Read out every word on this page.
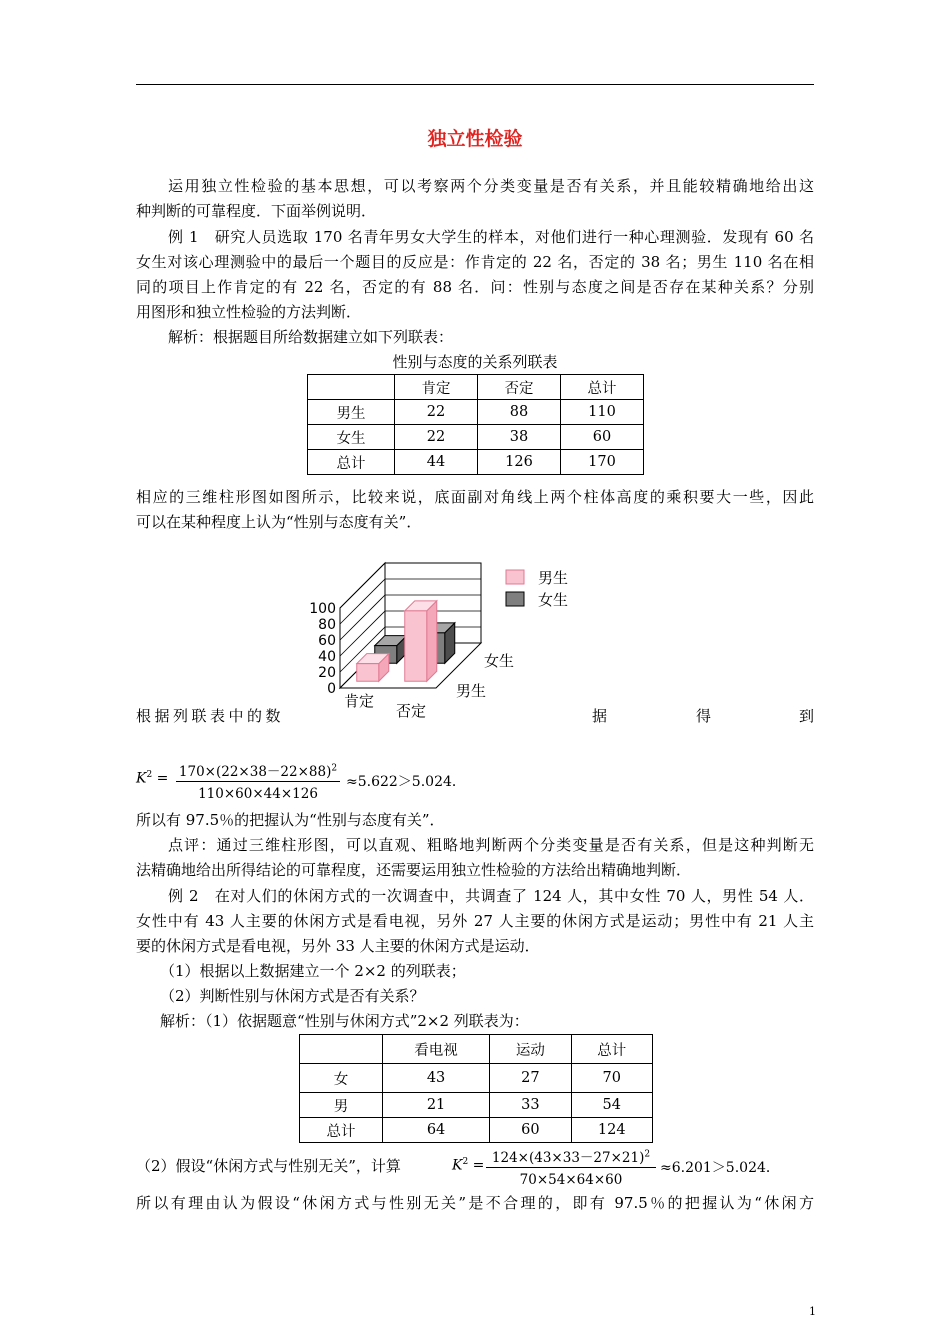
独立性检验
运用独立性检验的基本思想，可以考察两个分类变量是否有关系，并且能较精确地给出这
种判断的可靠程度．下面举例说明．
例 1　研究人员选取 170 名青年男女大学生的样本，对他们进行一种心理测验．发现有 60 名
女生对该心理测验中的最后一个题目的反应是：作肯定的 22 名，否定的 38 名；男生 110 名在相
同的项目上作肯定的有 22 名，否定的有 88 名．问：性别与态度之间是否存在某种关系？分别
用图形和独立性检验的方法判断．
解析：根据题目所给数据建立如下列联表：
性别与态度的关系列联表
	肯定	否定	总计
男生	22	88	110
女生	22	38	60
总计	44	126	170
相应的三维柱形图如图所示，比较来说，底面副对角线上两个柱体高度的乘积要大一些，因此
可以在某种程度上认为“性别与态度有关”．
100
80
60
40
20
0
肯定
否定
女生
男生
男生
女生
根据列联表中的数	据	得	到
$K^2 = 170\times(22\times 38-22\times 88)^2$
110×60×44×126
≈5.622＞5.024．
所以有 97.5％的把握认为“性别与态度有关”．
点评：通过三维柱形图，可以直观、粗略地判断两个分类变量是否有关系，但是这种判断无
法精确地给出所得结论的可靠程度，还需要运用独立性检验的方法给出精确地判断．
例 2　在对人们的休闲方式的一次调查中，共调查了 124 人，其中女性 70 人，男性 54 人．
女性中有 43 人主要的休闲方式是看电视，另外 27 人主要的休闲方式是运动；男性中有 21 人主
要的休闲方式是看电视，另外 33 人主要的休闲方式是运动．
（1）根据以上数据建立一个 2×2 的列联表；
（2）判断性别与休闲方式是否有关系？
解析：（1）依据题意“性别与休闲方式”2×2 列联表为：
	看电视	运动	总计
女	43	27	70
男	21	33	54
总计	64	60	124
（2）假设“休闲方式与性别无关”，计算	$K^2 = 124\times(43\times 33-27\times 21)^2$
70×54×64×60
≈6.201＞5.024．
所以有理由认为假设“休闲方式与性别无关”是不合理的，即有 97.5％的把握认为“休闲方
1
